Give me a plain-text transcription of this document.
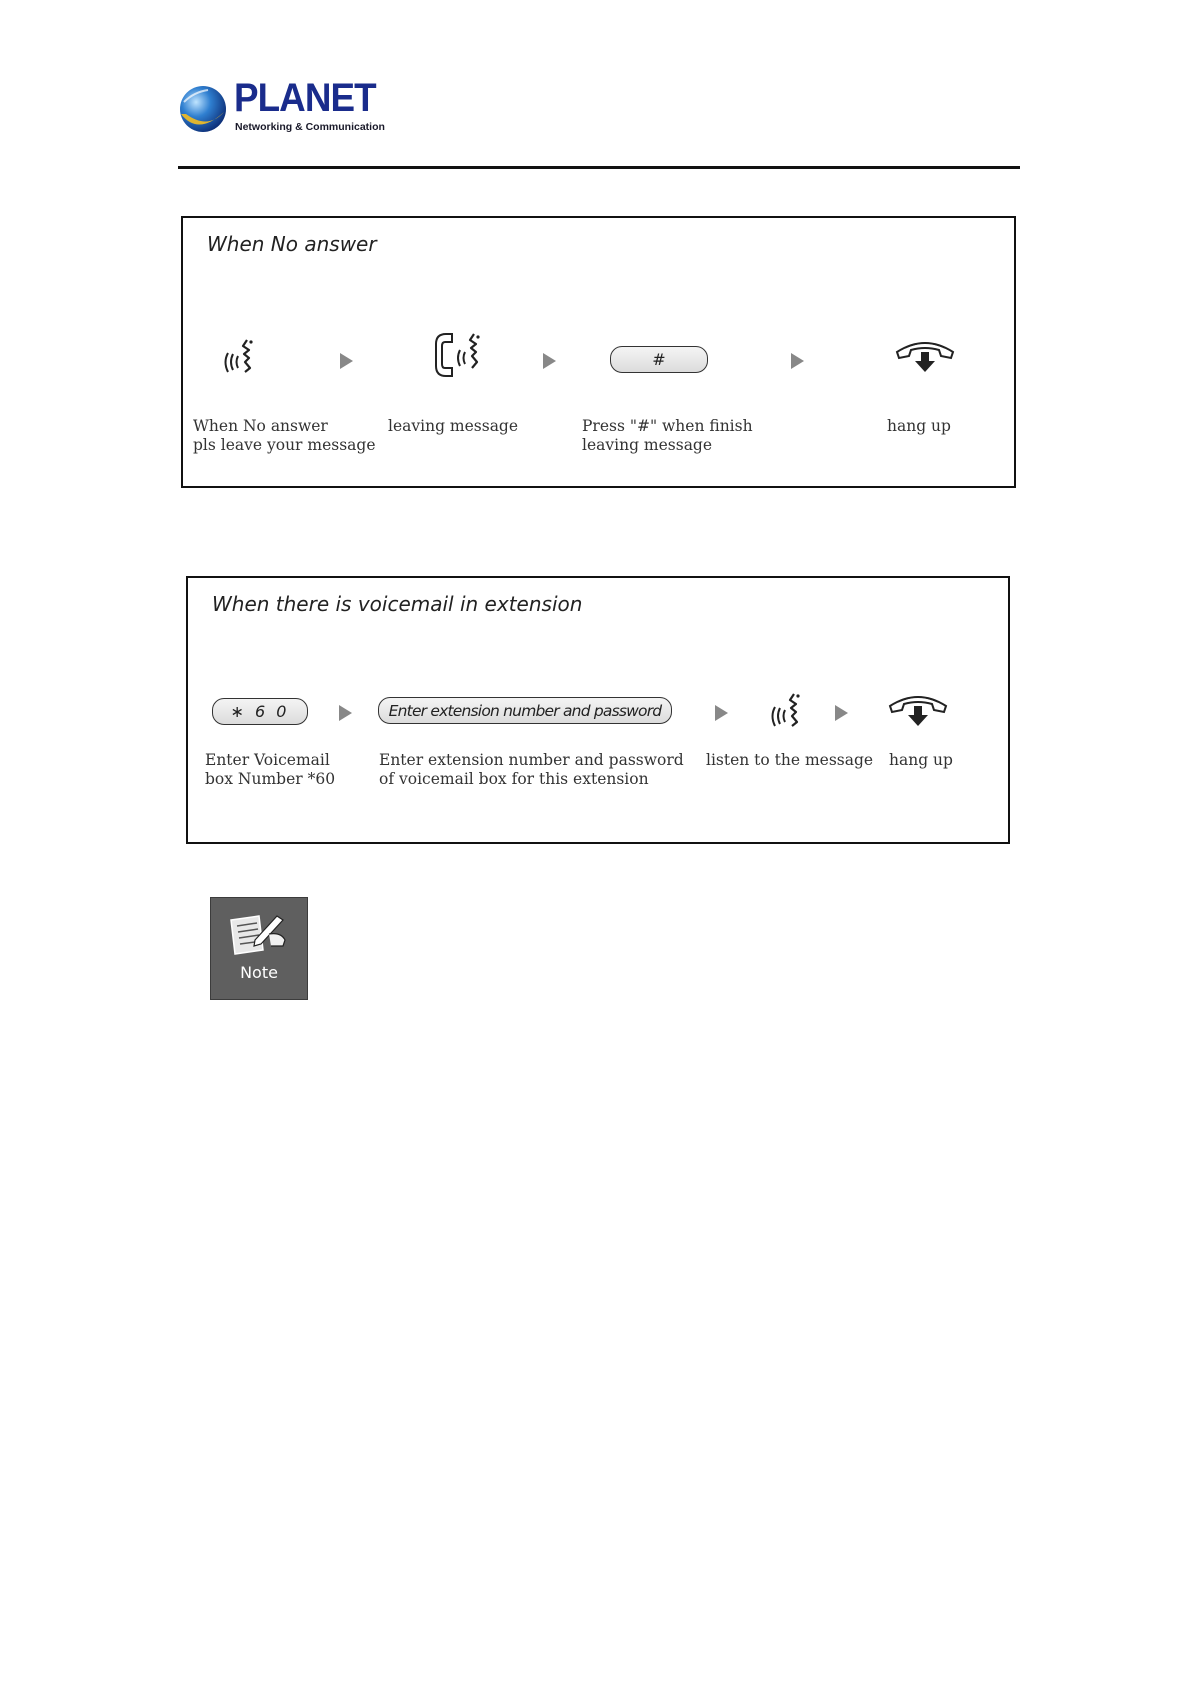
PLANET
Networking & Communication
When No answer
#
When No answer
pls leave your message
leaving message	Press "#" when finish
leaving message
hang up
When there is voicemail in extension
∗ 6 0	Enter extension number and password
Enter Voicemail
box Number *60
Enter extension number and password
of voicemail box for this extension
listen to the message hang up
Note
